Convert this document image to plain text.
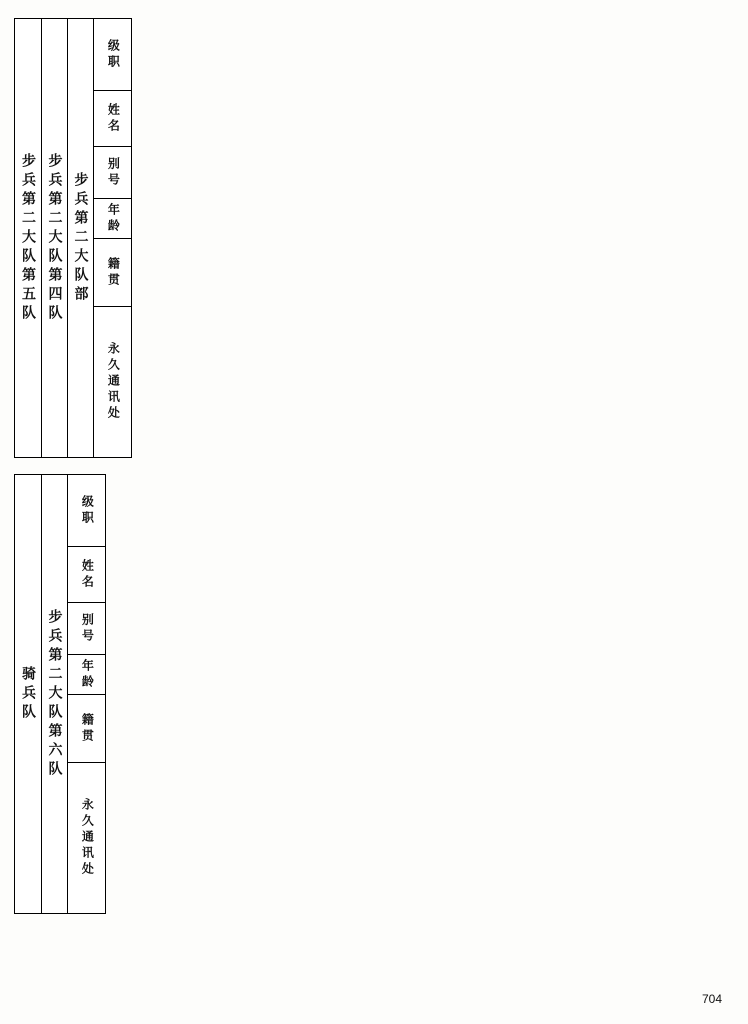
级职
姓名
别号
年龄
籍贯
永久通讯处
步兵第二大队部
步兵第二大队第四队
步兵第二大队第五队
级职
姓名
别号
年龄
籍贯
永久通讯处
步兵第二大队第六队
骑兵队
704
